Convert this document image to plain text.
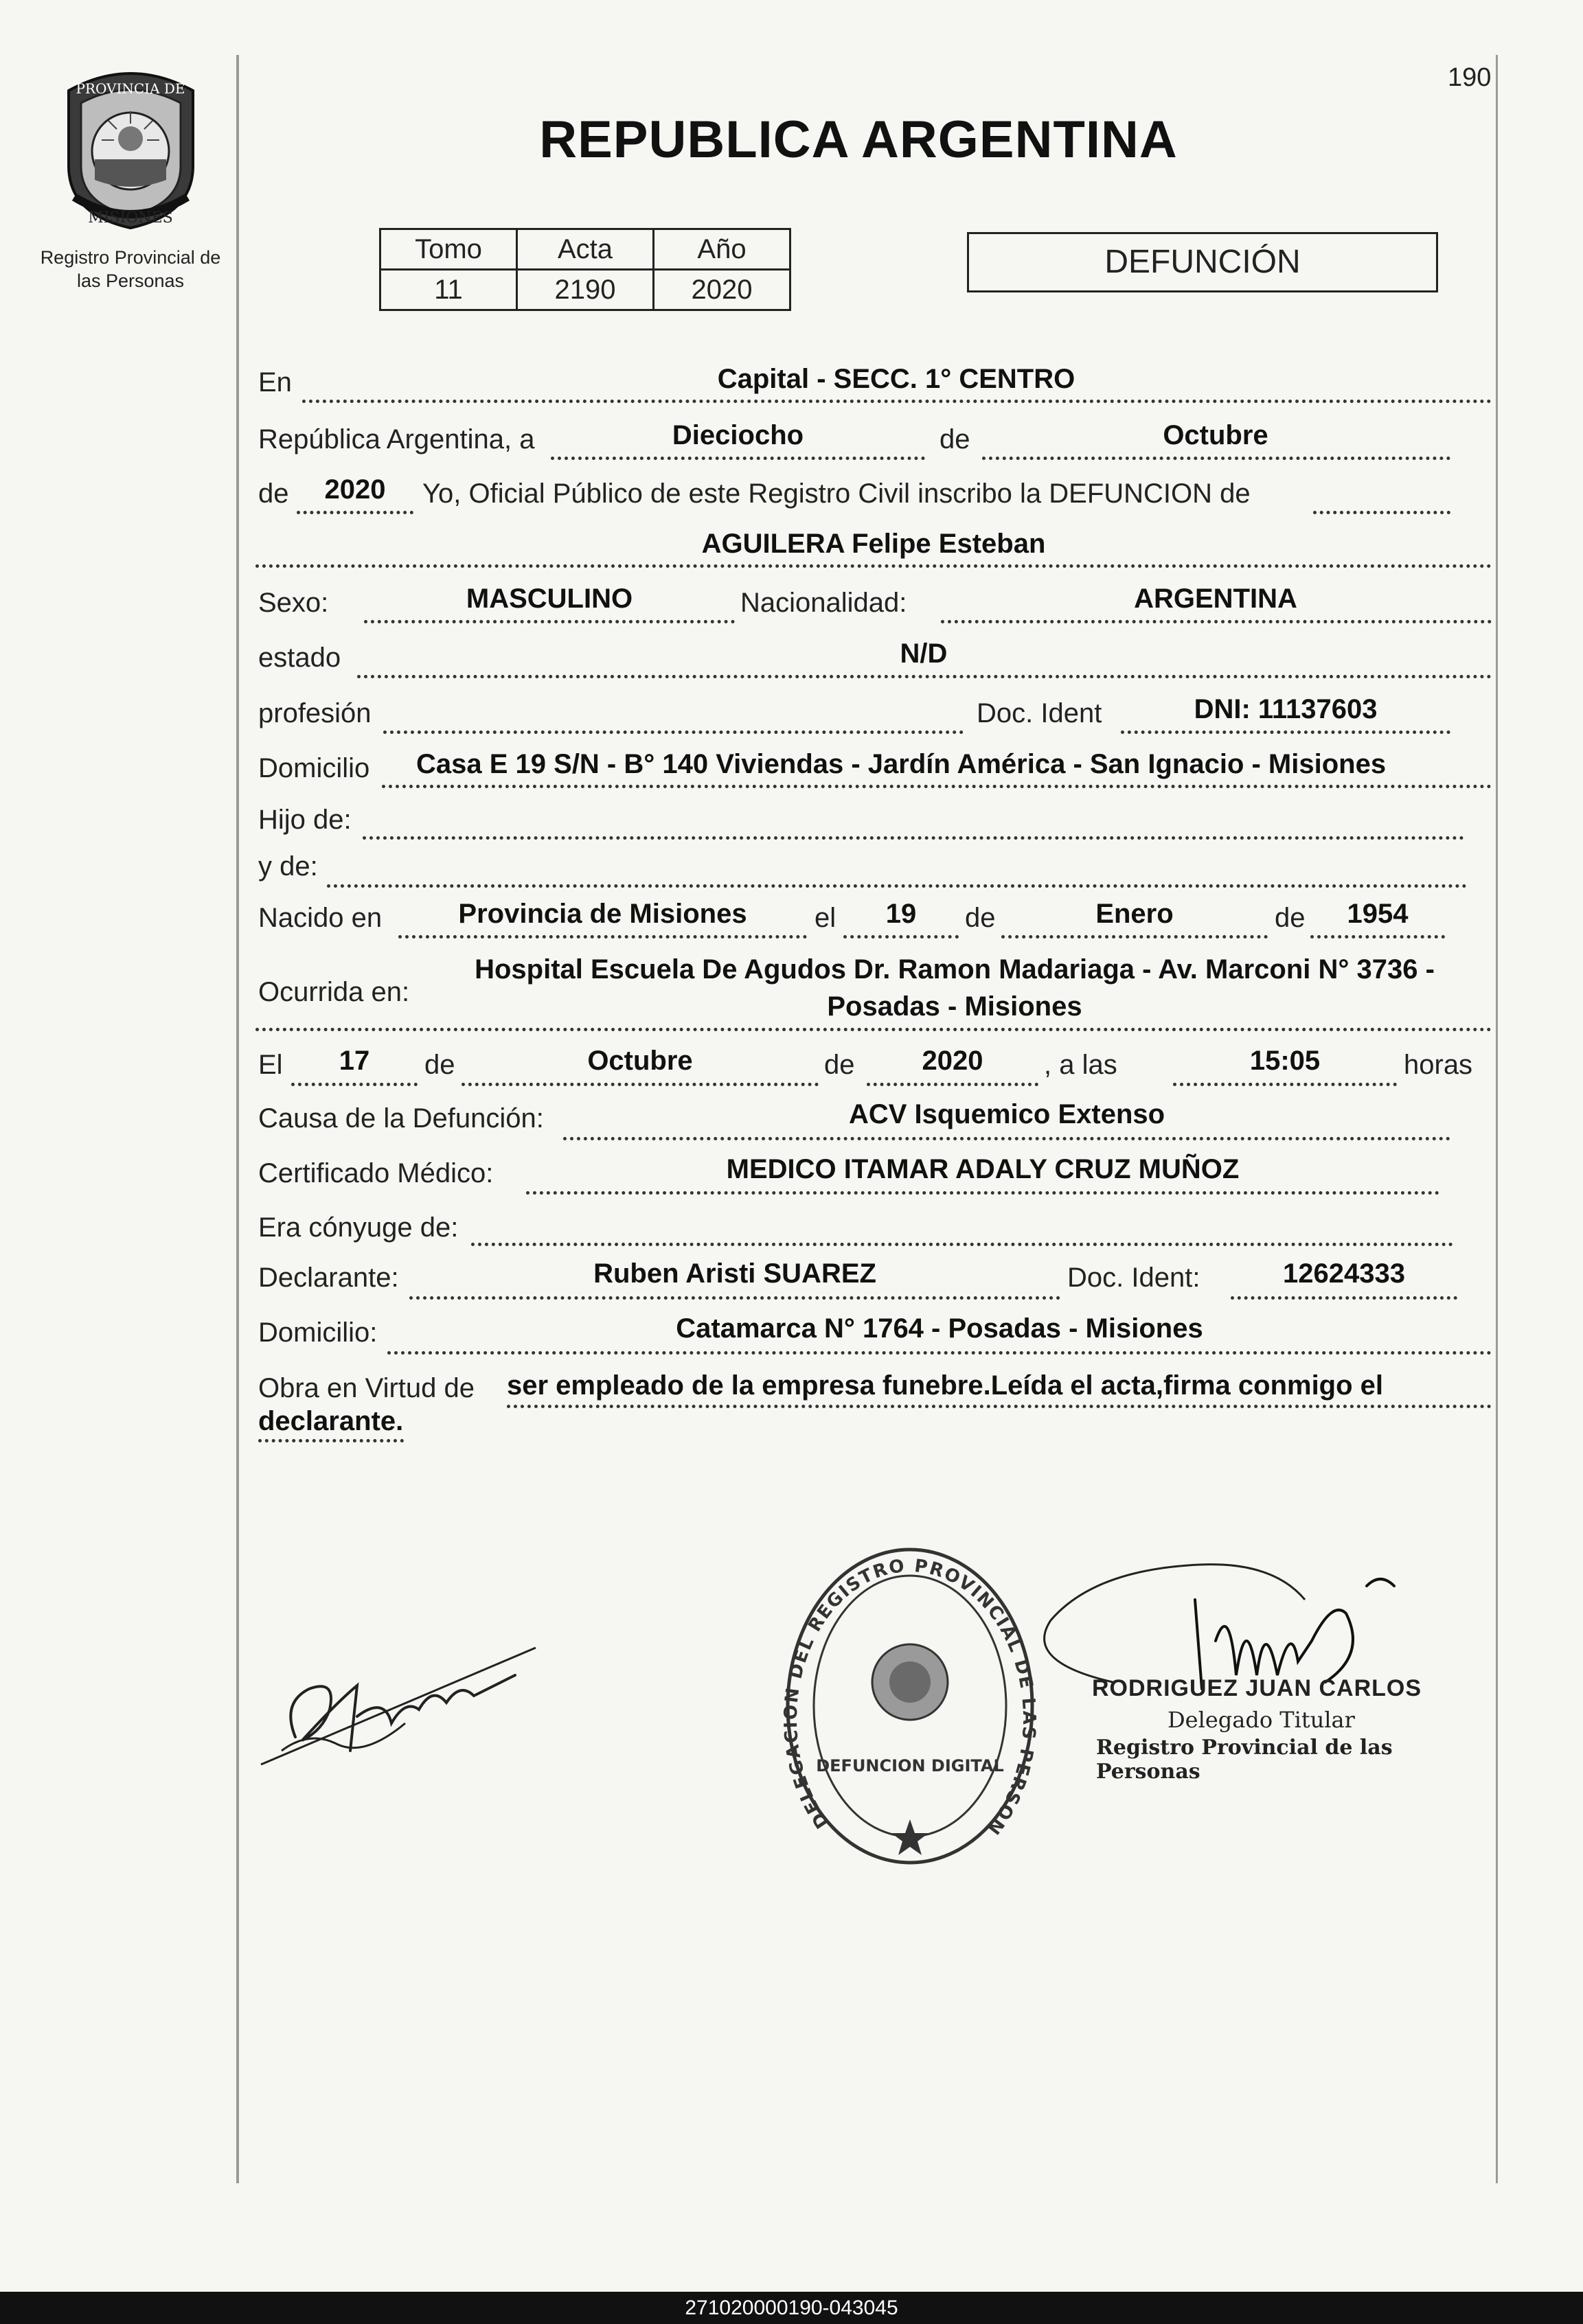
PROVINCIA DE
MISIONES
Registro Provincial de
las Personas
190
REPUBLICA ARGENTINA
Tomo	Acta	Año
11	2190	2020
DEFUNCIÓN
En	Capital - SECC. 1° CENTRO
República Argentina, a	Dieciocho	de	Octubre
de	2020	Yo, Oficial Público de este Registro Civil inscribo la DEFUNCION de
AGUILERA Felipe Esteban
Sexo:	MASCULINO	Nacionalidad:	ARGENTINA
estado	N/D
profesión	Doc. Ident	DNI: 11137603
Domicilio	Casa E 19 S/N - B° 140 Viviendas - Jardín América - San Ignacio - Misiones
Hijo de:
y de:
Nacido en	Provincia de Misiones	el	19	de	Enero	de	1954
Ocurrida en:
Hospital Escuela De Agudos Dr. Ramon Madariaga - Av. Marconi N° 3736 -
Posadas - Misiones
El	17	de	Octubre	de	2020	, a las	15:05	horas
Causa de la Defunción:	ACV Isquemico Extenso
Certificado Médico:	MEDICO ITAMAR ADALY CRUZ MUÑOZ
Era cónyuge de:
Declarante:	Ruben Aristi SUAREZ	Doc. Ident:	12624333
Domicilio:	Catamarca N° 1764 - Posadas - Misiones
Obra en Virtud de ser empleado de la empresa funebre.Leída el acta,firma conmigo el
declarante.
DELEGAC N DEL REGISTRO PROVINCIAL DE L S PERSON
DEFUNCION DIGITAL
RODRIGUEZ JUAN CARLOS
Delegado Titular
Registro Provincial de las Personas
271020000190-043045
